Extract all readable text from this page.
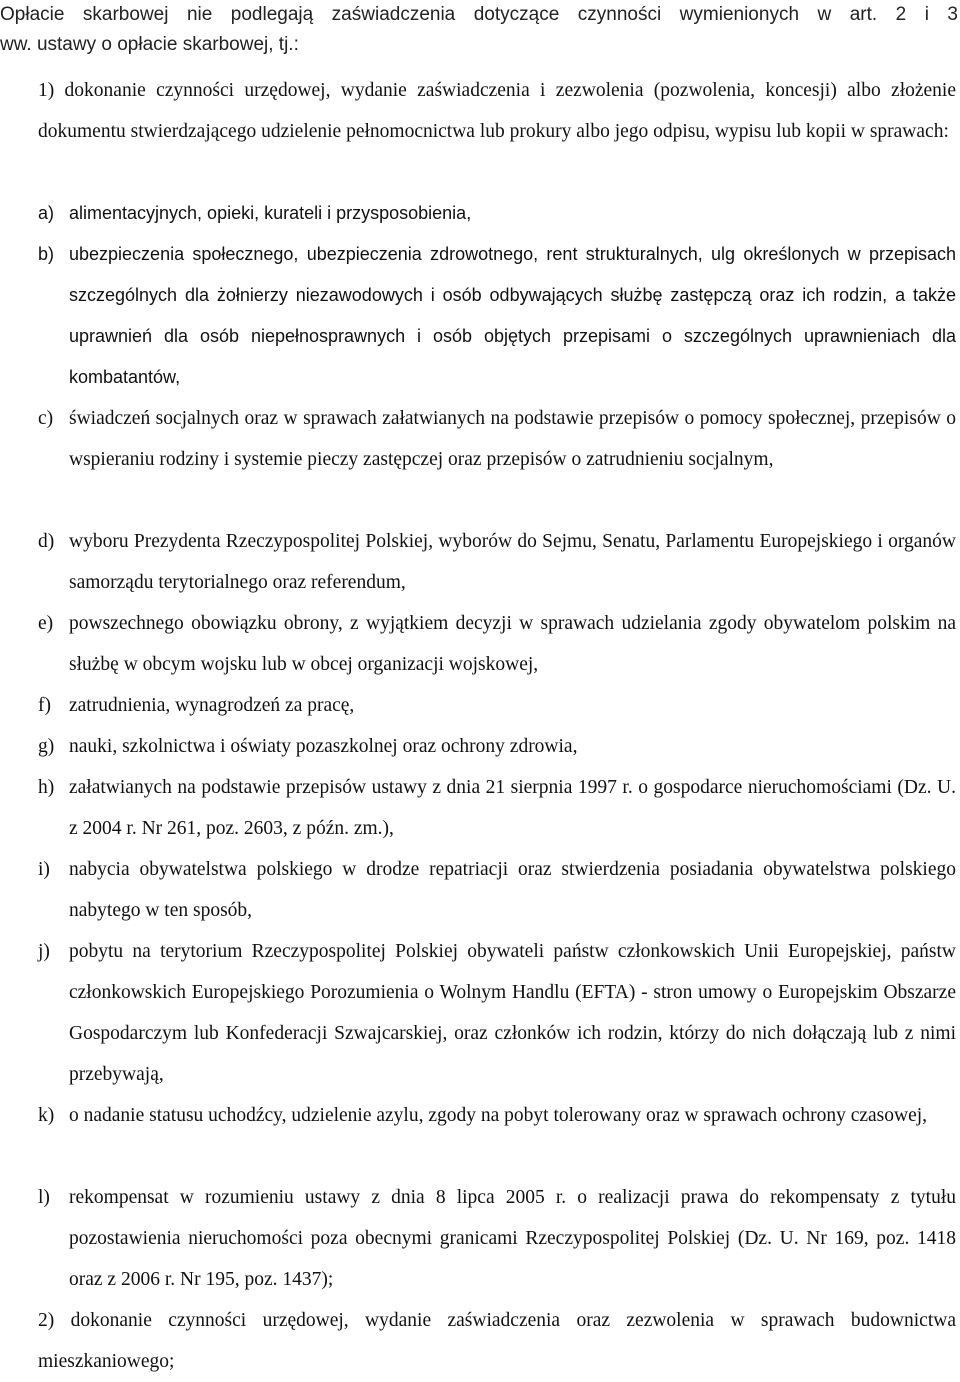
Opłacie skarbowej nie podlegają zaświadczenia dotyczące czynności wymienionych w art. 2 i 3
ww. ustawy o opłacie skarbowej, tj.:
1) dokonanie czynności urzędowej, wydanie zaświadczenia i zezwolenia (pozwolenia, koncesji) albo złożenie dokumentu stwierdzającego udzielenie pełnomocnictwa lub prokury albo jego odpisu, wypisu lub kopii w sprawach:
a) alimentacyjnych, opieki, kurateli i przysposobienia,
b) ubezpieczenia społecznego, ubezpieczenia zdrowotnego, rent strukturalnych, ulg określonych w przepisach szczególnych dla żołnierzy niezawodowych i osób odbywających służbę zastępczą oraz ich rodzin, a także uprawnień dla osób niepełnosprawnych i osób objętych przepisami o szczególnych uprawnieniach dla kombatantów,
c) świadczeń socjalnych oraz w sprawach załatwianych na podstawie przepisów o pomocy społecznej, przepisów o wspieraniu rodziny i systemie pieczy zastępczej oraz przepisów o zatrudnieniu socjalnym,
d) wyboru Prezydenta Rzeczypospolitej Polskiej, wyborów do Sejmu, Senatu, Parlamentu Europejskiego i organów samorządu terytorialnego oraz referendum,
e) powszechnego obowiązku obrony, z wyjątkiem decyzji w sprawach udzielania zgody obywatelom polskim na służbę w obcym wojsku lub w obcej organizacji wojskowej,
f) zatrudnienia, wynagrodzeń za pracę,
g) nauki, szkolnictwa i oświaty pozaszkolnej oraz ochrony zdrowia,
h) załatwianych na podstawie przepisów ustawy z dnia 21 sierpnia 1997 r. o gospodarce nieruchomościami (Dz. U. z 2004 r. Nr 261, poz. 2603, z późn. zm.),
i) nabycia obywatelstwa polskiego w drodze repatriacji oraz stwierdzenia posiadania obywatelstwa polskiego nabytego w ten sposób,
j) pobytu na terytorium Rzeczypospolitej Polskiej obywateli państw członkowskich Unii Europejskiej, państw członkowskich Europejskiego Porozumienia o Wolnym Handlu (EFTA) - stron umowy o Europejskim Obszarze Gospodarczym lub Konfederacji Szwajcarskiej, oraz członków ich rodzin, którzy do nich dołączają lub z nimi przebywają,
k) o nadanie statusu uchodźcy, udzielenie azylu, zgody na pobyt tolerowany oraz w sprawach ochrony czasowej,
l) rekompensat w rozumieniu ustawy z dnia 8 lipca 2005 r. o realizacji prawa do rekompensaty z tytułu pozostawienia nieruchomości poza obecnymi granicami Rzeczypospolitej Polskiej (Dz. U. Nr 169, poz. 1418 oraz z 2006 r. Nr 195, poz. 1437);
2) dokonanie czynności urzędowej, wydanie zaświadczenia oraz zezwolenia w sprawach budownictwa mieszkaniowego;
